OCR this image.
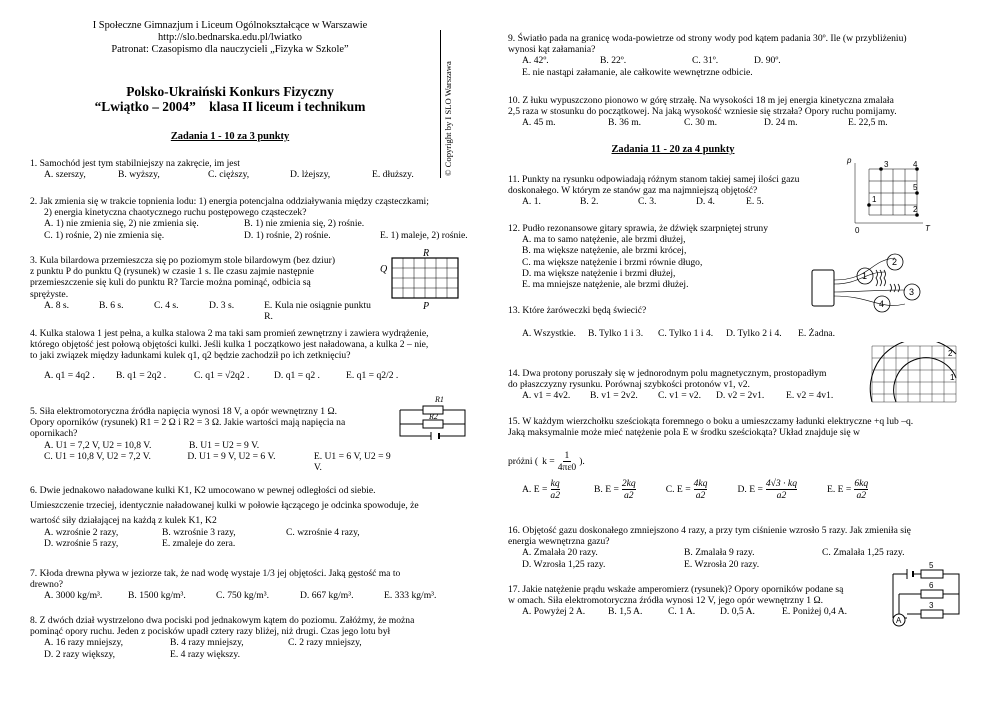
I Społeczne Gimnazjum i Liceum Ogólnokształcące w Warszawie
http://slo.bednarska.edu.pl/lwiatko
Patronat: Czasopismo dla nauczycieli „Fizyka w Szkole”
Polsko-Ukraiński Konkurs Fizyczny
“Lwiątko – 2004”    klasa II liceum i technikum	© Copyright by I SLO Warszawa
Zadania 1 - 10 za 3 punkty
1. Samochód jest tym stabilniejszy na zakręcie, im jest
A. szerszy,	B. wyższy,	C. cięższy,	D. lżejszy,	E. dłuższy.
2. Jak zmienia się w trakcie topnienia lodu: 1) energia potencjalna oddziaływania między cząsteczkami;
2) energia kinetyczna chaotycznego ruchu postępowego cząsteczek?
A. 1) nie zmienia się, 2) nie zmienia się.	B. 1) nie zmienia się, 2) rośnie.
C. 1) rośnie, 2) nie zmienia się.	D. 1) rośnie, 2) rośnie.	E. 1) maleje, 2) rośnie.
3. Kula bilardowa przemieszcza się po poziomym stole bilardowym (bez dziur)
z punktu P do punktu Q (rysunek) w czasie 1 s. Ile czasu zajmie następnie
przemieszczenie się kuli do punktu R? Tarcie można pominąć, odbicia są
sprężyste.
A. 8 s.	B. 6 s.	C. 4 s.	D. 3 s.	E. Kula nie osiągnie punktu R.
Q
R
P
4. Kulka stalowa 1 jest pełna, a kulka stalowa 2 ma taki sam promień zewnętrzny i zawiera wydrążenie,
którego objętość jest połową objętości kulki. Jeśli kulka 1 początkowo jest naładowana, a kulka 2 – nie,
to jaki związek między ładunkami kulek q1, q2 będzie zachodził po ich zetknięciu?
A. q1 = 4q2 .	B. q1 = 2q2 .	C. q1 = √2q2 .	D. q1 = q2 .	E. q1 = q2/2 .
5. Siła elektromotoryczna źródła napięcia wynosi 18 V, a opór wewnętrzny 1 Ω.
Opory oporników (rysunek) R1 = 2 Ω i R2 = 3 Ω. Jakie wartości mają napięcia na
opornikach?
A. U1 = 7,2 V, U2 = 10,8 V.	B. U1 = U2 = 9 V.
C. U1 = 10,8 V, U2 = 7,2 V.	D. U1 = 9 V, U2 = 6 V.	E. U1 = 6 V, U2 = 9 V.
R1
R2
6. Dwie jednakowo naładowane kulki K1, K2 umocowano w pewnej odległości od siebie.
Umieszczenie trzeciej, identycznie naładowanej kulki w połowie łączącego je odcinka spowoduje, że
wartość siły działającej na każdą z kulek K1, K2
A. wzrośnie 2 razy,	B. wzrośnie 3 razy,	C. wzrośnie 4 razy,
D. wzrośnie 5 razy,	E. zmaleje do zera.
7. Kłoda drewna pływa w jeziorze tak, że nad wodę wystaje 1/3 jej objętości. Jaką gęstość ma to
drewno?
A. 3000 kg/m³.	B. 1500 kg/m³.	C. 750 kg/m³.	D. 667 kg/m³.	E. 333 kg/m³.
8. Z dwóch dział wystrzelono dwa pociski pod jednakowym kątem do poziomu. Załóżmy, że można
pominąć opory ruchu. Jeden z pocisków upadł cztery razy bliżej, niż drugi. Czas jego lotu był
A. 16 razy mniejszy,	B. 4 razy mniejszy,	C. 2 razy mniejszy,
D. 2 razy większy,	E. 4 razy większy.
9. Światło pada na granicę woda-powietrze od strony wody pod kątem padania 30º. Ile (w przybliżeniu)
wynosi kąt załamania?
A. 42º.	B. 22º.	C. 31º.	D. 90º.
E. nie nastąpi załamanie, ale całkowite wewnętrzne odbicie.
10. Z łuku wypuszczono pionowo w górę strzałę. Na wysokości 18 m jej energia kinetyczna zmalała
2,5 raza w stosunku do początkowej. Na jaką wysokość wzniesie się strzała? Opory ruchu pomijamy.
A. 45 m.	B. 36 m.	C. 30 m.	D. 24 m.	E. 22,5 m.
Zadania 11 - 20 za 4 punkty
11. Punkty na rysunku odpowiadają różnym stanom takiej samej ilości gazu
doskonałego. W którym ze stanów gaz ma najmniejszą objętość?
A. 1.	B. 2.	C. 3.	D. 4.	E. 5.
p
T
0
1
2
3	4
5
12. Pudło rezonansowe gitary sprawia, że dźwięk szarpniętej struny
A. ma to samo natężenie, ale brzmi dłużej,
B. ma większe natężenie, ale brzmi krócej,
C. ma większe natężenie i brzmi równie długo,
D. ma większe natężenie i brzmi dłużej,
E. ma mniejsze natężenie, ale brzmi dłużej.
13. Które żaróweczki będą świecić?
A. Wszystkie.	B. Tylko 1 i 3.	C. Tylko 1 i 4.	D. Tylko 2 i 4.	E. Żadna.
1
2
3
4
14. Dwa protony poruszały się w jednorodnym polu magnetycznym, prostopadłym
do płaszczyzny rysunku. Porównaj szybkości protonów v1, v2.
A. v1 = 4v2.	B. v1 = 2v2.	C. v1 = v2.	D. v2 = 2v1.	E. v2 = 4v1.
2
1
15. W każdym wierzchołku sześciokąta foremnego o boku a umieszczamy ładunki elektryczne +q lub –q.
Jaką maksymalnie może mieć natężenie pola E w środku sześciokąta? Układ znajduje się w
próżni ( $k = \frac{1}{4\pi\varepsilon 0}$ ).
A. $E = \frac{kq}{a2}$	B. $E = \frac{2kq}{a2}$	C. $E = \frac{4kq}{a2}$	D. $E = \frac{4√3 \cdot kq}{a2}$	E. $E = \frac{6kq}{a2}$
16. Objętość gazu doskonałego zmniejszono 4 razy, a przy tym ciśnienie wzrosło 5 razy. Jak zmieniła się
energia wewnętrzna gazu?
A. Zmalała 20 razy.	B. Zmalała 9 razy.	C. Zmalała 1,25 razy.
D. Wzrosła 1,25 razy.	E. Wzrosła 20 razy.
17. Jakie natężenie prądu wskaże amperomierz (rysunek)? Opory oporników podane są
w omach. Siła elektromotoryczna źródła wynosi 12 V, jego opór wewnętrzny 1 Ω.
A. Powyżej 2 A.	B. 1,5 A.	C. 1 A.	D. 0,5 A.	E. Poniżej 0,4 A.
5
6
3
A
